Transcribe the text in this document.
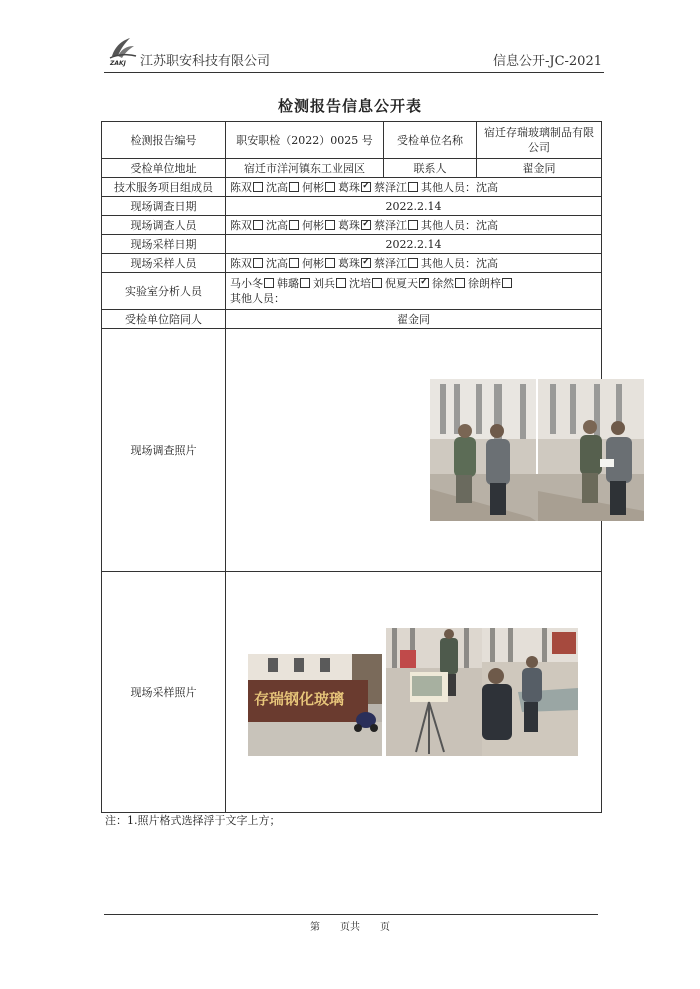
ZAKJ 江苏职安科技有限公司	信息公开-JC-2021
检测报告信息公开表
检测报告编号	职安职检（2022）0025 号	受检单位名称	宿迁存瑞玻璃制品有限公司
受检单位地址	宿迁市洋河镇东工业园区	联系人	翟金同
技术服务项目组成员	陈双 沈高 何彬 葛珠 ✓ 蔡泽江 其他人员：沈高
现场调查日期	2022.2.14		
现场调查人员	陈双 沈高 何彬 葛珠 ✓ 蔡泽江 其他人员：沈高
现场采样日期	2022.2.14		
现场采样人员	陈双 沈高 何彬 葛珠 ✓ 蔡泽江 其他人员：沈高
实验室分析人员	马小冬 韩璐 刘兵 沈培 倪夏天 ✓ 徐然 徐朗梓
其他人员：

受检单位陪同人	翟金同		
现场调查照片	

现场采样照片	存瑞钢化玻璃		
注：1.照片格式选择浮于文字上方；
第　　页共　　页
